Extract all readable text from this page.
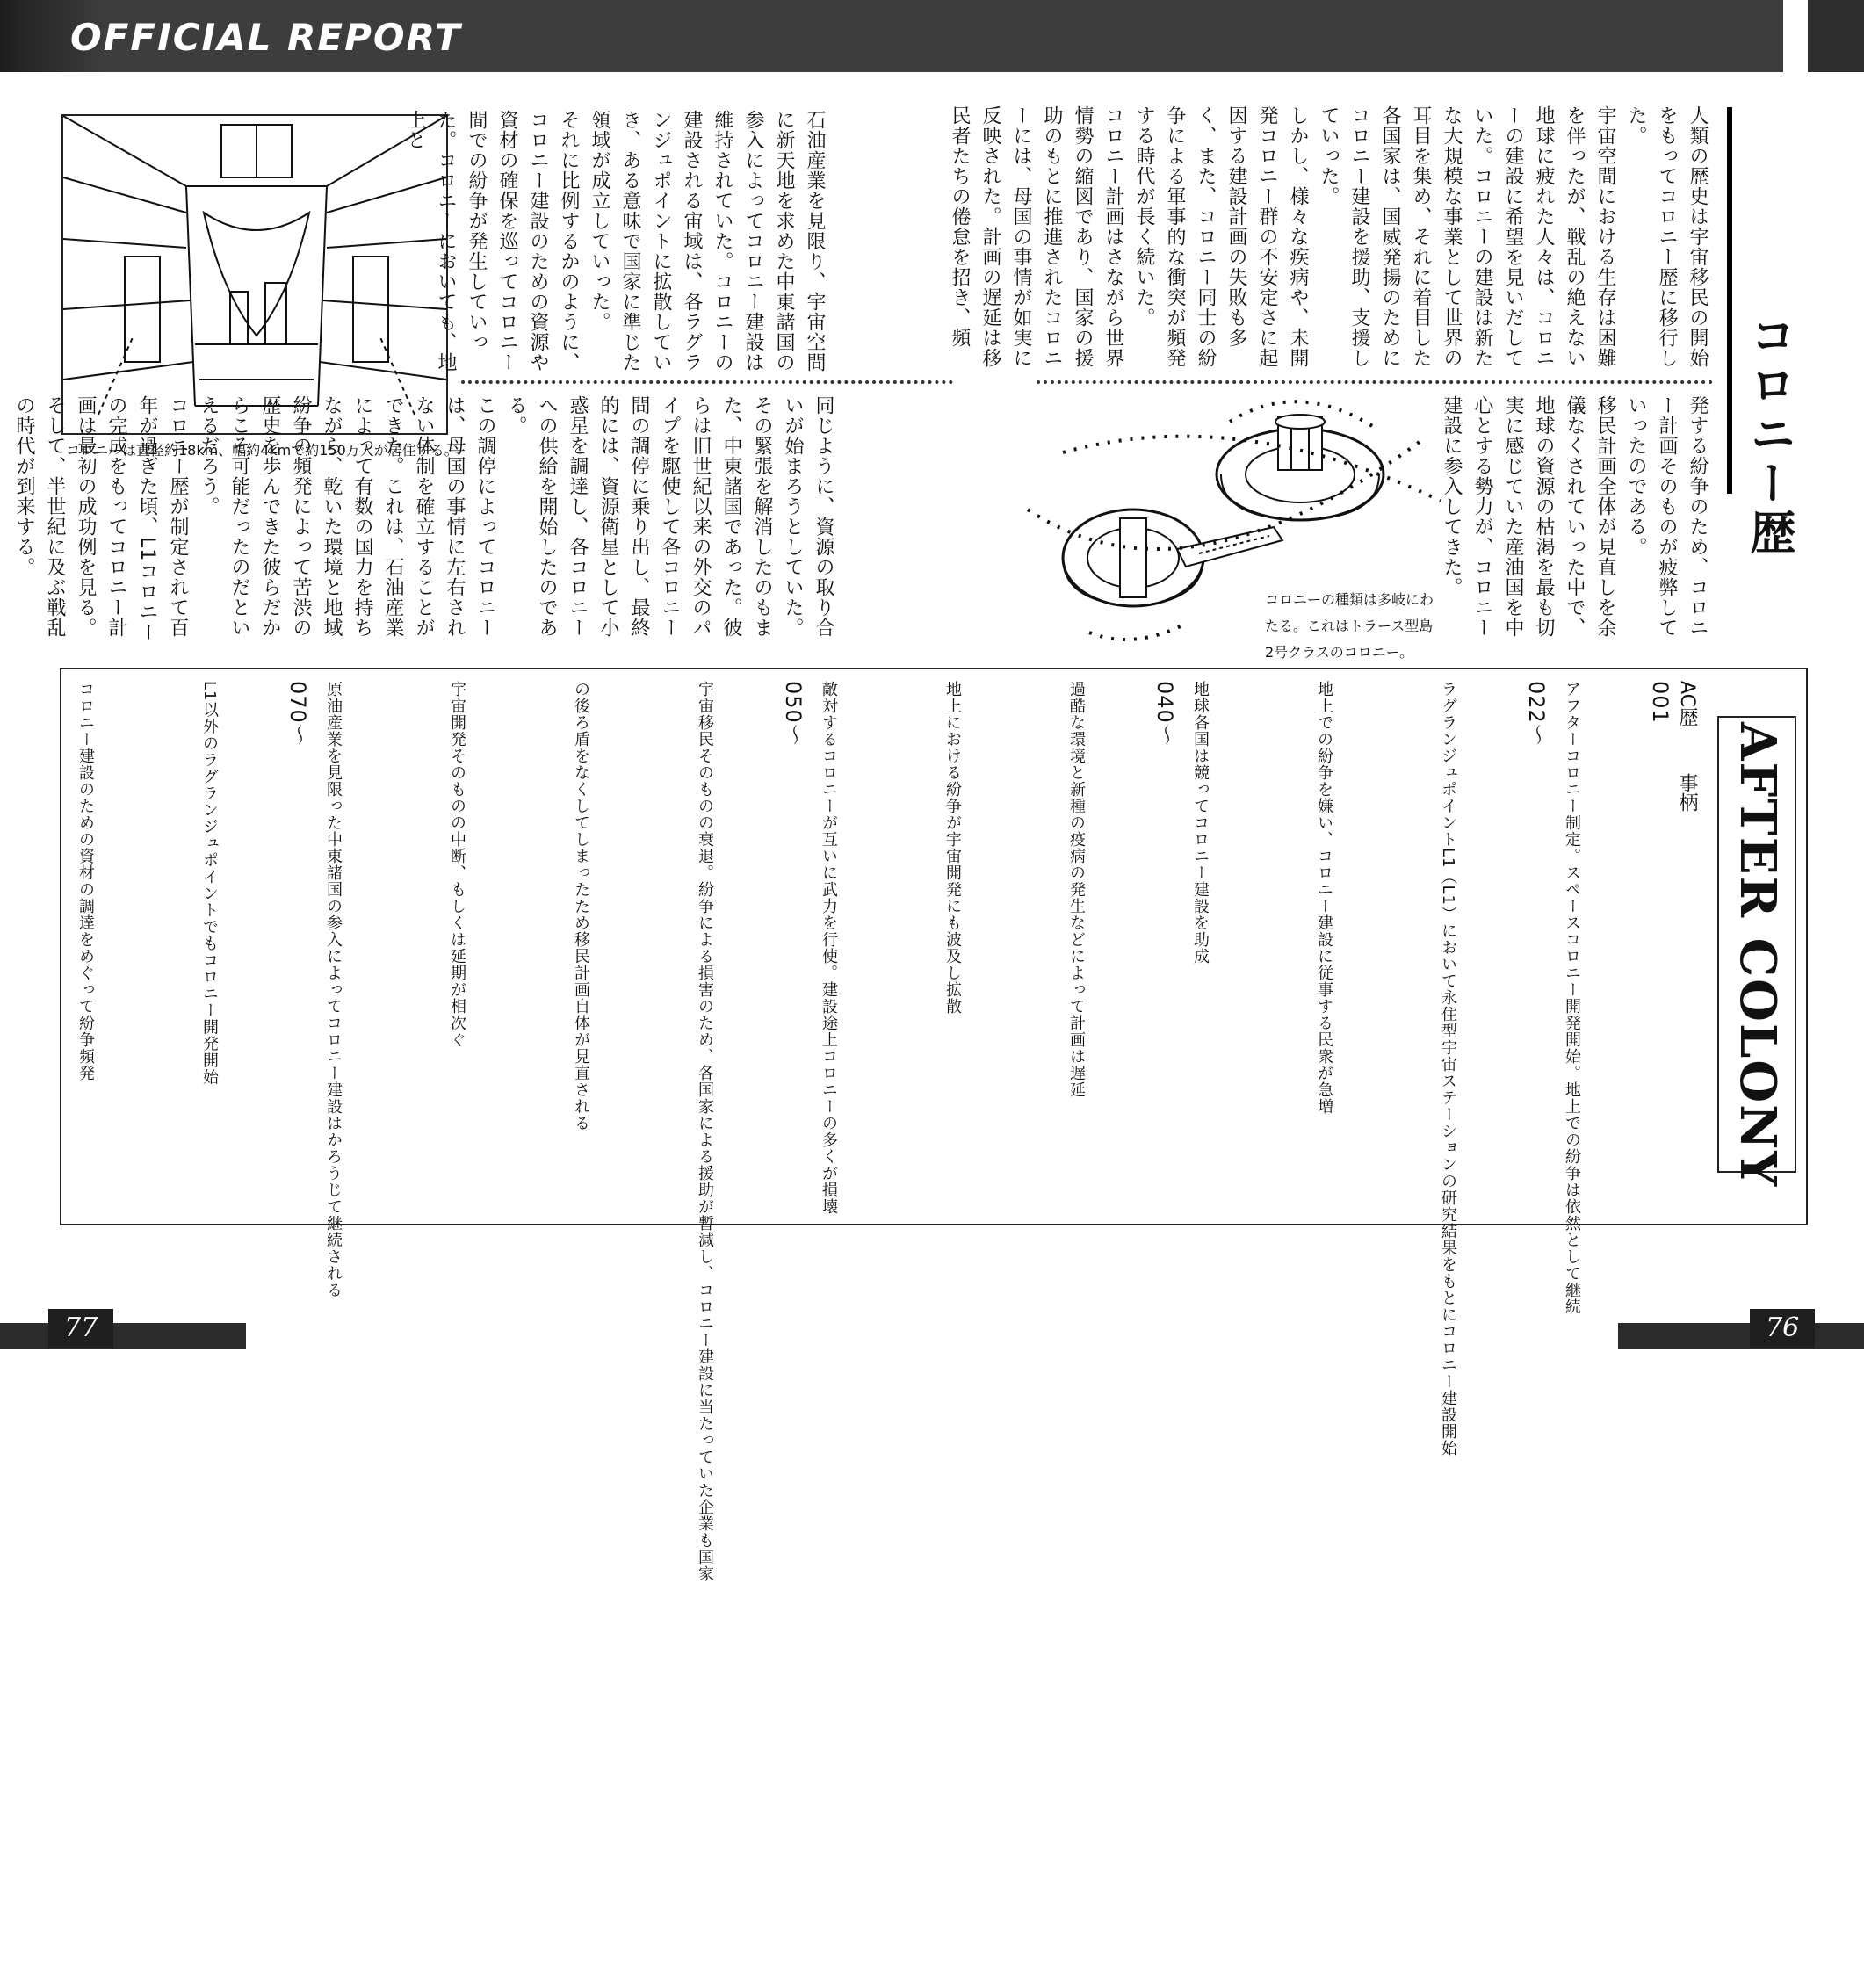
OFFICIAL REPORT
コロニー歴

人類の歴史は宇宙移民の開始をもってコロニー歴に移行した。

宇宙空間における生存は困難を伴ったが、戦乱の絶えない地球に疲れた人々は、コロニーの建設に希望を見いだしていた。コロニーの建設は新たな大規模な事業として世界の耳目を集め、それに着目した各国家は、国威発揚のためにコロニー建設を援助、支援していった。

しかし、様々な疾病や、未開発コロニー群の不安定さに起因する建設計画の失敗も多く、また、コロニー同士の紛争による軍事的な衝突が頻発する時代が長く続いた。

コロニー計画はさながら世界情勢の縮図であり、国家の援助のもとに推進されたコロニーには、母国の事情が如実に反映された。計画の遅延は移民者たちの倦怠を招き、頻

発する紛争のため、コロニー計画そのものが疲弊していったのである。

移民計画全体が見直しを余儀なくされていった中で、地球の資源の枯渇を最も切実に感じていた産油国を中心とする勢力が、コロニー建設に参入してきた。

コロニーの種類は多岐にわ
たる。これはトラース型島
2号クラスのコロニー。
コロニーは直径約18km、幅約4kmで約150万人が居住する。

石油産業を見限り、宇宙空間に新天地を求めた中東諸国の参入によってコロニー建設は維持されていた。コロニーの建設される宙域は、各ラグランジュポイントに拡散していき、ある意味で国家に準じた領域が成立していった。

それに比例するかのように、コロニー建設のための資源や資材の確保を巡ってコロニー間での紛争が発生していった。コロニーにおいても、地上と

同じように、資源の取り合いが始まろうとしていた。

その緊張を解消したのもまた、中東諸国であった。彼らは旧世紀以来の外交のパイプを駆使して各コロニー間の調停に乗り出し、最終的には、資源衛星として小惑星を調達し、各コロニーへの供給を開始したのである。

この調停によってコロニーは、母国の事情に左右されない体制を確立することができた。これは、石油産業によって有数の国力を持ちながら、乾いた環境と地域紛争の頻発によって苦渋の歴史を歩んできた彼らだからこそ可能だったのだといえるだろう。

コロニー歴が制定されて百年が過ぎた頃、L1コロニーの完成をもってコロニー計画は最初の成功例を見る。そして、半世紀に及ぶ戦乱の時代が到来する。

AFTER COLONY
AC歴
事柄
001
アフターコロニー制定。スペースコロニー開発開始。地上での紛争は依然として継続
022〜
ラグランジュポイントL1（L1）において永住型宇宙ステーションの研究結果をもとにコロニー建設開始
地上での紛争を嫌い、コロニー建設に従事する民衆が急増
地球各国は競ってコロニー建設を助成
040〜
過酷な環境と新種の疫病の発生などによって計画は遅延
地上における紛争が宇宙開発にも波及し拡散
敵対するコロニーが互いに武力を行使。建設途上コロニーの多くが損壊
050〜
宇宙移民そのものの衰退。紛争による損害のため、各国家による援助が暫減し、コロニー建設に当たっていた企業も国家
の後ろ盾をなくしてしまったため移民計画自体が見直される
宇宙開発そのものの中断、もしくは延期が相次ぐ
原油産業を見限った中東諸国の参入によってコロニー建設はかろうじて継続される
070〜
L1以外のラグランジュポイントでもコロニー開発開始
コロニー建設のための資材の調達をめぐって紛争頻発
77	76
